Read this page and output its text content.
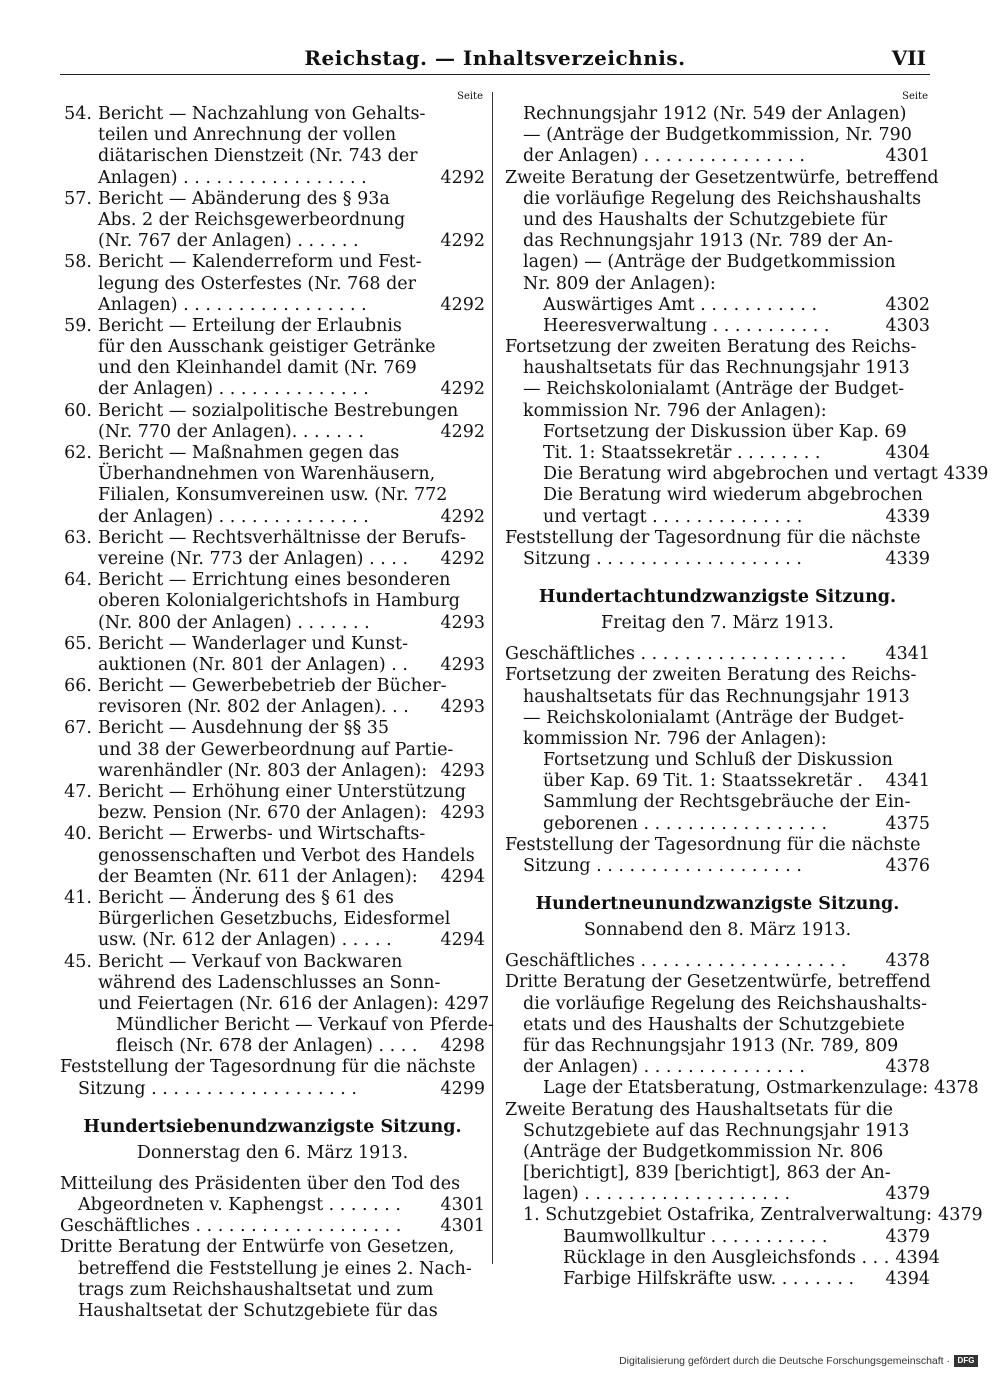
Reichstag. — Inhaltsverzeichnis.	VII
Seite
54. Bericht — Nachzahlung von Gehalts-
teilen und Anrechnung der vollen
diätarischen Dienstzeit (Nr. 743 der
Anlagen) . . . . . . . . . . . . . . . . .	4292
57. Bericht — Abänderung des § 93a
Abs. 2 der Reichsgewerbeordnung
(Nr. 767 der Anlagen) . . . . . .	4292
58. Bericht — Kalenderreform und Fest-
legung des Osterfestes (Nr. 768 der
Anlagen) . . . . . . . . . . . . . . . . .	4292
59. Bericht — Erteilung der Erlaubnis
für den Ausschank geistiger Getränke
und den Kleinhandel damit (Nr. 769
der Anlagen) . . . . . . . . . . . . . .	4292
60. Bericht — sozialpolitische Bestrebungen
(Nr. 770 der Anlagen). . . . . . .	4292
62. Bericht — Maßnahmen gegen das
Überhandnehmen von Warenhäusern,
Filialen, Konsumvereinen usw. (Nr. 772
der Anlagen) . . . . . . . . . . . . . .	4292
63. Bericht — Rechtsverhältnisse der Berufs-
vereine (Nr. 773 der Anlagen) . . . .	4292
64. Bericht — Errichtung eines besonderen
oberen Kolonialgerichtshofs in Hamburg
(Nr. 800 der Anlagen) . . . . . . .	4293
65. Bericht — Wanderlager und Kunst-
auktionen (Nr. 801 der Anlagen) . .	4293
66. Bericht — Gewerbebetrieb der Bücher-
revisoren (Nr. 802 der Anlagen). . .	4293
67. Bericht — Ausdehnung der §§ 35
und 38 der Gewerbeordnung auf Partie-
warenhändler (Nr. 803 der Anlagen): 4293
47. Bericht — Erhöhung einer Unterstützung
bezw. Pension (Nr. 670 der Anlagen): 4293
40. Bericht — Erwerbs- und Wirtschafts-
genossenschaften und Verbot des Handels
der Beamten (Nr. 611 der Anlagen):	4294
41. Bericht — Änderung des § 61 des
Bürgerlichen Gesetzbuchs, Eidesformel
usw. (Nr. 612 der Anlagen) . . . . .	4294
45. Bericht — Verkauf von Backwaren
während des Ladenschlusses an Sonn-
und Feiertagen (Nr. 616 der Anlagen): 4297
Mündlicher Bericht — Verkauf von Pferde-
fleisch (Nr. 678 der Anlagen) . . . .	4298
Feststellung der Tagesordnung für die nächste
Sitzung . . . . . . . . . . . . . . . . . . .	4299
Hundertsiebenundzwanzigste Sitzung.
Donnerstag den 6. März 1913.
Mitteilung des Präsidenten über den Tod des
Abgeordneten v. Kaphengst . . . . . . .	4301
Geschäftliches . . . . . . . . . . . . . . . . . . .	4301
Dritte Beratung der Entwürfe von Gesetzen,
betreffend die Feststellung je eines 2. Nach-
trags zum Reichshaushaltsetat und zum
Haushaltsetat der Schutzgebiete für das
Seite
Rechnungsjahr 1912 (Nr. 549 der Anlagen)
— (Anträge der Budgetkommission, Nr. 790
der Anlagen) . . . . . . . . . . . . . . .	4301
Zweite Beratung der Gesetzentwürfe, betreffend
die vorläufige Regelung des Reichshaushalts
und des Haushalts der Schutzgebiete für
das Rechnungsjahr 1913 (Nr. 789 der An-
lagen) — (Anträge der Budgetkommission
Nr. 809 der Anlagen):
Auswärtiges Amt . . . . . . . . . . .	4302
Heeresverwaltung . . . . . . . . . . .	4303
Fortsetzung der zweiten Beratung des Reichs-
haushaltsetats für das Rechnungsjahr 1913
— Reichskolonialamt (Anträge der Budget-
kommission Nr. 796 der Anlagen):
Fortsetzung der Diskussion über Kap. 69
Tit. 1: Staatssekretär . . . . . . . .	4304
Die Beratung wird abgebrochen und vertagt 4339
Die Beratung wird wiederum abgebrochen
und vertagt . . . . . . . . . . . . . .	4339
Feststellung der Tagesordnung für die nächste
Sitzung . . . . . . . . . . . . . . . . . . .	4339
Hundertachtundzwanzigste Sitzung.
Freitag den 7. März 1913.
Geschäftliches . . . . . . . . . . . . . . . . . . .	4341
Fortsetzung der zweiten Beratung des Reichs-
haushaltsetats für das Rechnungsjahr 1913
— Reichskolonialamt (Anträge der Budget-
kommission Nr. 796 der Anlagen):
Fortsetzung und Schluß der Diskussion
über Kap. 69 Tit. 1: Staatssekretär .	4341
Sammlung der Rechtsgebräuche der Ein-
geborenen . . . . . . . . . . . . . . . . .	4375
Feststellung der Tagesordnung für die nächste
Sitzung . . . . . . . . . . . . . . . . . . .	4376
Hundertneunundzwanzigste Sitzung.
Sonnabend den 8. März 1913.
Geschäftliches . . . . . . . . . . . . . . . . . . .	4378
Dritte Beratung der Gesetzentwürfe, betreffend
die vorläufige Regelung des Reichshaushalts-
etats und des Haushalts der Schutzgebiete
für das Rechnungsjahr 1913 (Nr. 789, 809
der Anlagen) . . . . . . . . . . . . . . .	4378
Lage der Etatsberatung, Ostmarkenzulage: 4378
Zweite Beratung des Haushaltsetats für die
Schutzgebiete auf das Rechnungsjahr 1913
(Anträge der Budgetkommission Nr. 806
[berichtigt], 839 [berichtigt], 863 der An-
lagen) . . . . . . . . . . . . . . . . . . .	4379
1. Schutzgebiet Ostafrika, Zentralverwaltung: 4379
Baumwollkultur . . . . . . . . . . .	4379
Rücklage in den Ausgleichsfonds . . . 4394
Farbige Hilfskräfte usw. . . . . . . .	4394
Digitalisierung gefördert durch die Deutsche Forschungsgemeinschaft · DFG
